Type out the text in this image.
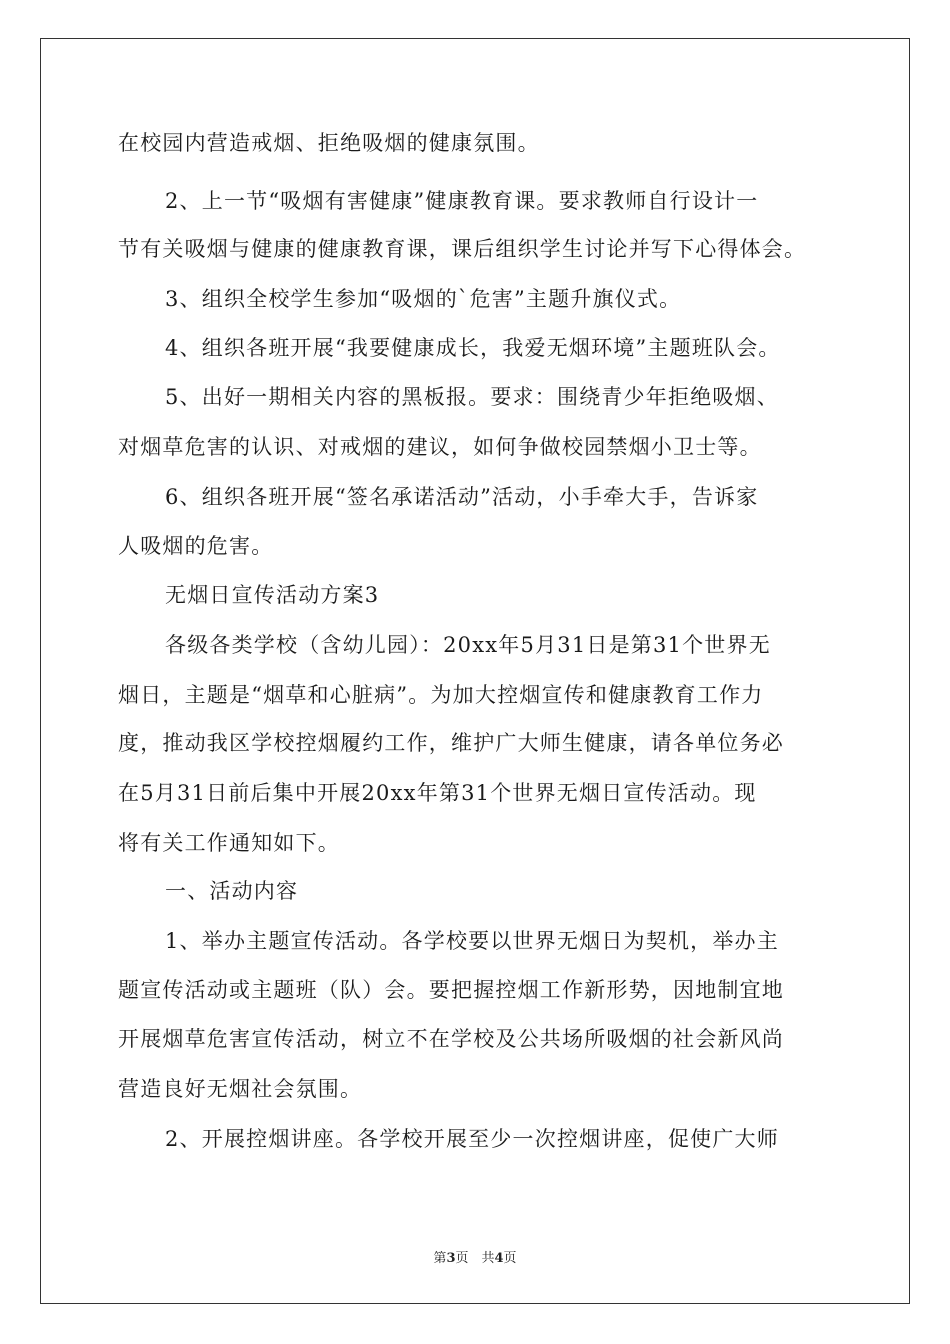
在校园内营造戒烟、拒绝吸烟的健康氛围。
2、上一节“吸烟有害健康”健康教育课。要求教师自行设计一
节有关吸烟与健康的健康教育课，课后组织学生讨论并写下心得体会。
3、组织全校学生参加“吸烟的`危害”主题升旗仪式。
4、组织各班开展“我要健康成长，我爱无烟环境”主题班队会。
5、出好一期相关内容的黑板报。要求：围绕青少年拒绝吸烟、
对烟草危害的认识、对戒烟的建议，如何争做校园禁烟小卫士等。
6、组织各班开展“签名承诺活动”活动，小手牵大手，告诉家
人吸烟的危害。
无烟日宣传活动方案3
各级各类学校（含幼儿园）：20xx年5月31日是第31个世界无
烟日，主题是“烟草和心脏病”。为加大控烟宣传和健康教育工作力
度，推动我区学校控烟履约工作，维护广大师生健康，请各单位务必
在5月31日前后集中开展20xx年第31个世界无烟日宣传活动。现
将有关工作通知如下。
一、活动内容
1、举办主题宣传活动。各学校要以世界无烟日为契机，举办主
题宣传活动或主题班（队）会。要把握控烟工作新形势，因地制宜地
开展烟草危害宣传活动，树立不在学校及公共场所吸烟的社会新风尚
营造良好无烟社会氛围。
2、开展控烟讲座。各学校开展至少一次控烟讲座，促使广大师
第3页　共4页
